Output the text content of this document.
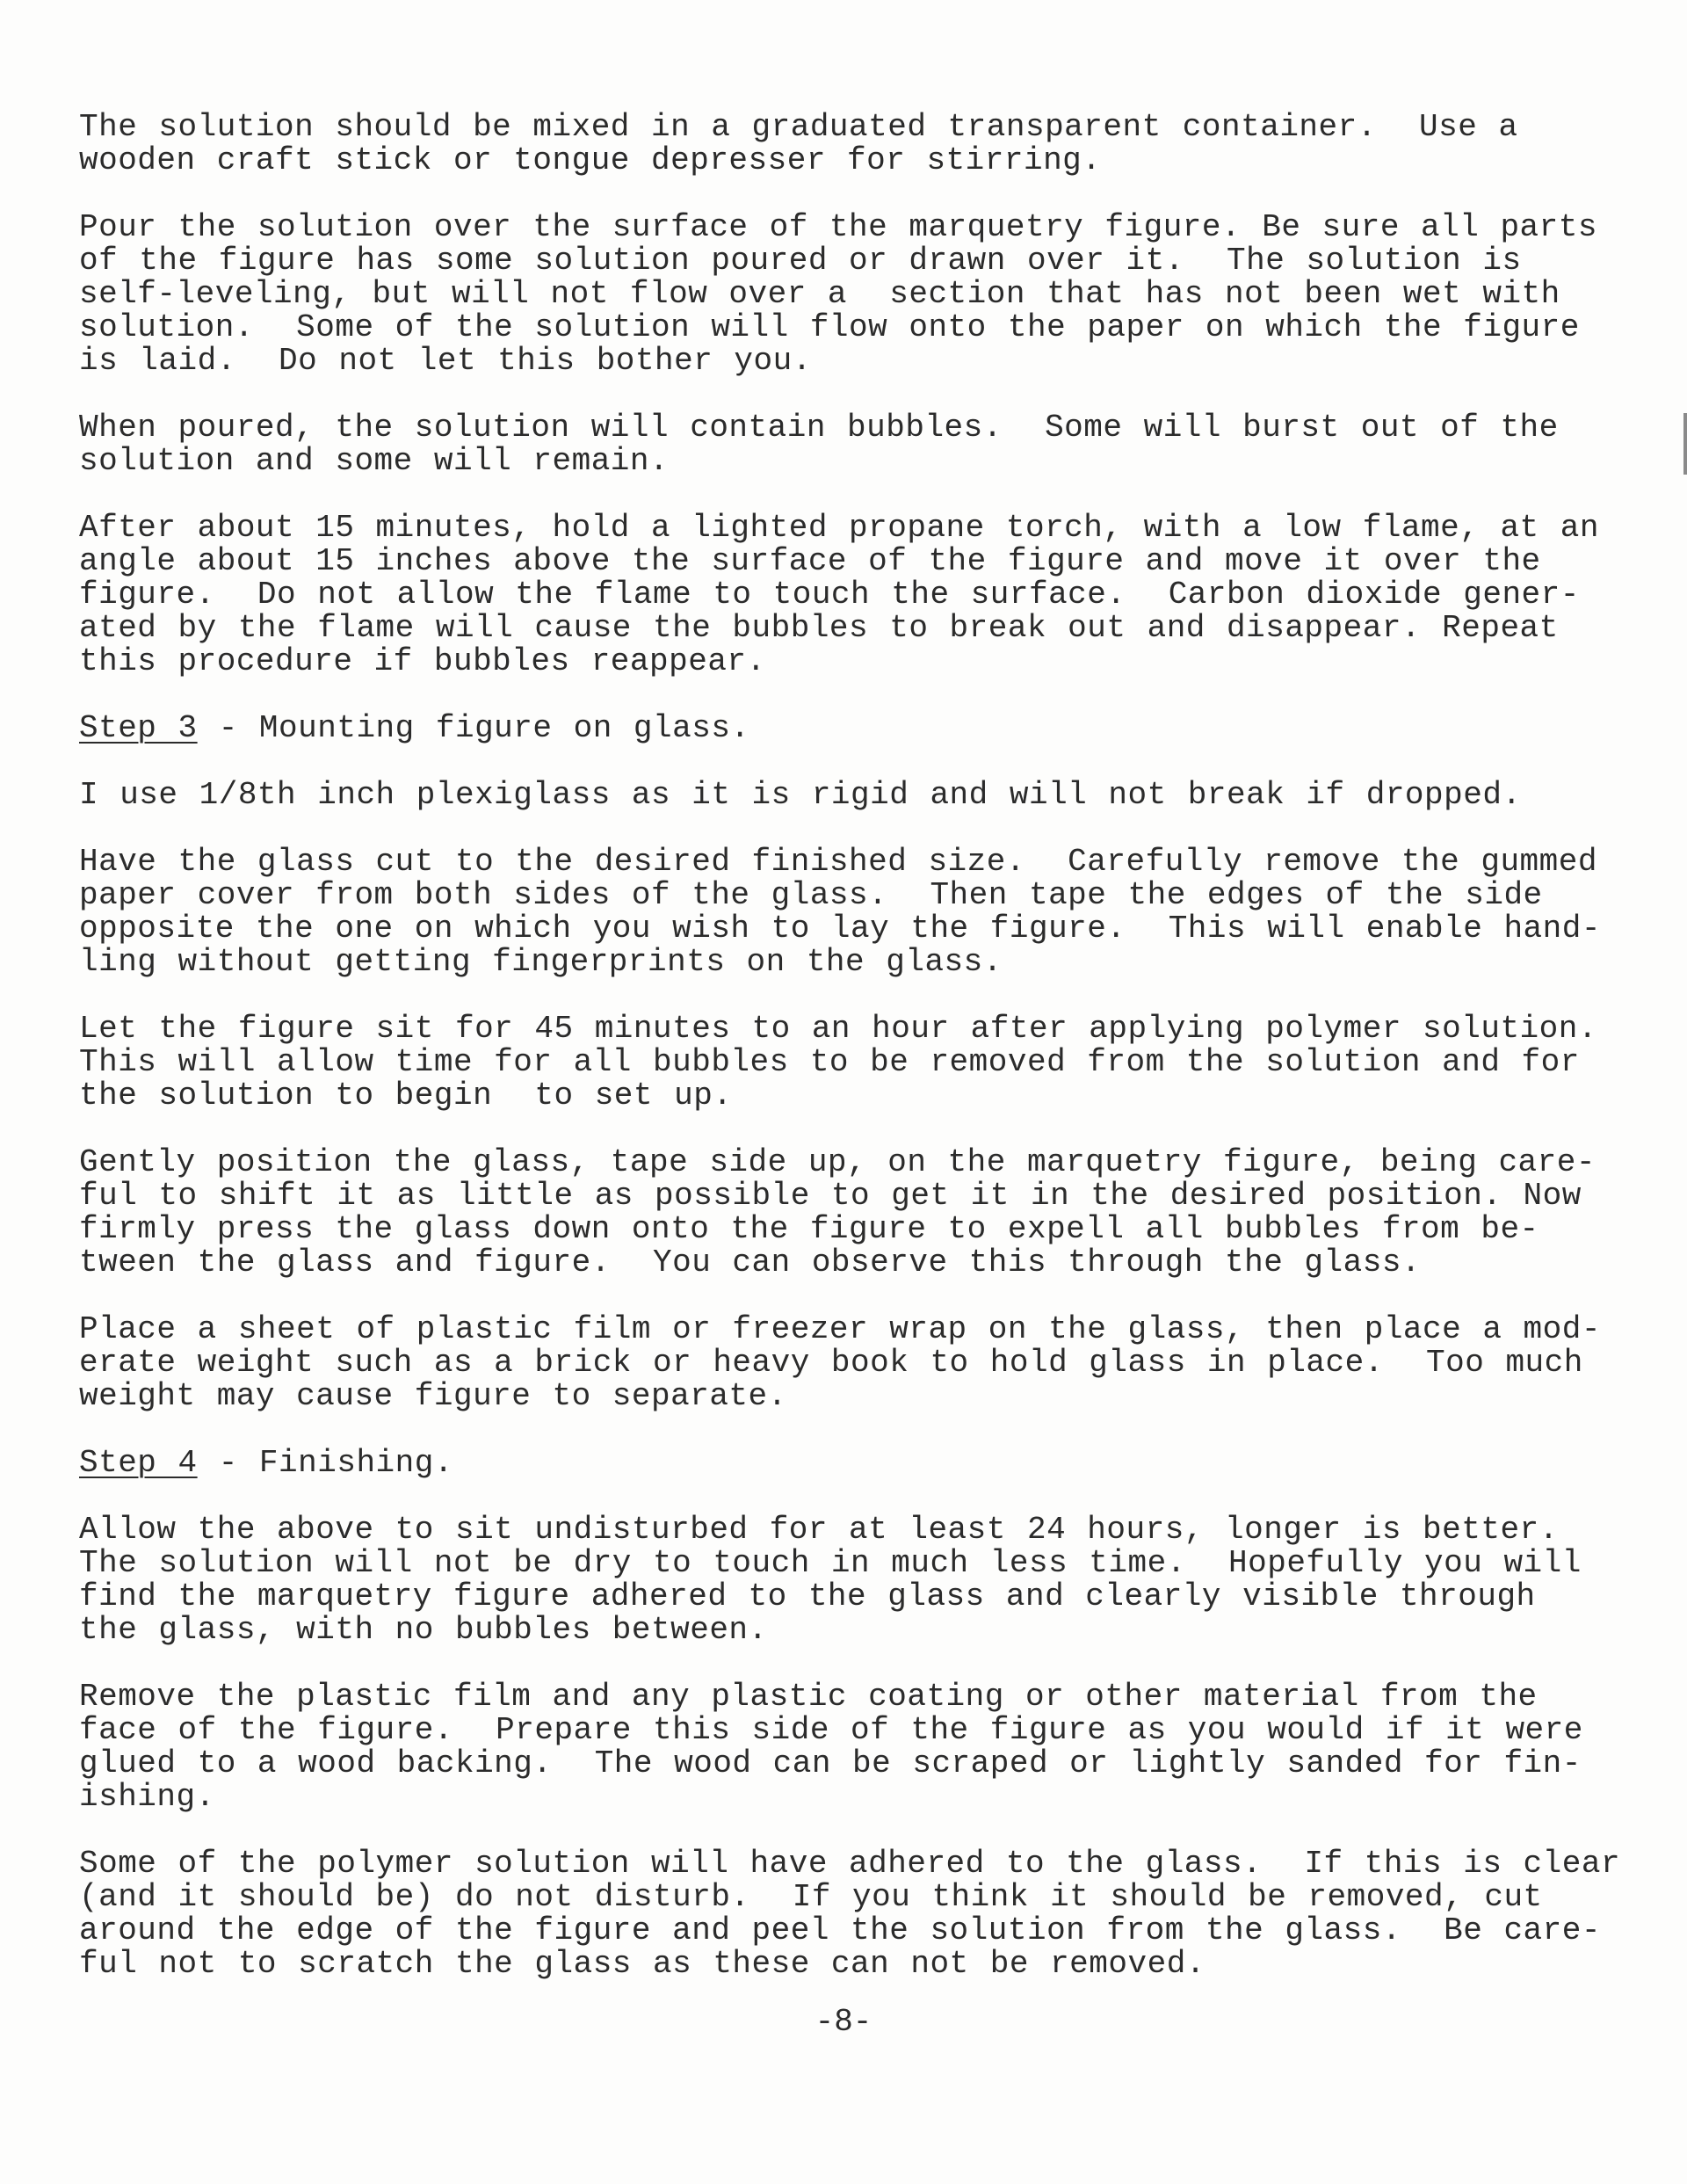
The solution should be mixed in a graduated transparent container.  Use a
wooden craft stick or tongue depresser for stirring.
Pour the solution over the surface of the marquetry figure. Be sure all parts
of the figure has some solution poured or drawn over it.  The solution is
self-leveling, but will not flow over a  section that has not been wet with
solution.  Some of the solution will flow onto the paper on which the figure
is laid.  Do not let this bother you.
When poured, the solution will contain bubbles.  Some will burst out of the
solution and some will remain.
After about 15 minutes, hold a lighted propane torch, with a low flame, at an
angle about 15 inches above the surface of the figure and move it over the
figure.  Do not allow the flame to touch the surface.  Carbon dioxide gener-
ated by the flame will cause the bubbles to break out and disappear. Repeat
this procedure if bubbles reappear.
Step 3 - Mounting figure on glass.
I use 1/8th inch plexiglass as it is rigid and will not break if dropped.
Have the glass cut to the desired finished size.  Carefully remove the gummed
paper cover from both sides of the glass.  Then tape the edges of the side
opposite the one on which you wish to lay the figure.  This will enable hand-
ling without getting fingerprints on the glass.
Let the figure sit for 45 minutes to an hour after applying polymer solution.
This will allow time for all bubbles to be removed from the solution and for
the solution to begin  to set up.
Gently position the glass, tape side up, on the marquetry figure, being care-
ful to shift it as little as possible to get it in the desired position. Now
firmly press the glass down onto the figure to expell all bubbles from be-
tween the glass and figure.  You can observe this through the glass.
Place a sheet of plastic film or freezer wrap on the glass, then place a mod-
erate weight such as a brick or heavy book to hold glass in place.  Too much
weight may cause figure to separate.
Step 4 - Finishing.
Allow the above to sit undisturbed for at least 24 hours, longer is better.
The solution will not be dry to touch in much less time.  Hopefully you will
find the marquetry figure adhered to the glass and clearly visible through
the glass, with no bubbles between.
Remove the plastic film and any plastic coating or other material from the
face of the figure.  Prepare this side of the figure as you would if it were
glued to a wood backing.  The wood can be scraped or lightly sanded for fin-
ishing.
Some of the polymer solution will have adhered to the glass.  If this is clear
(and it should be) do not disturb.  If you think it should be removed, cut
around the edge of the figure and peel the solution from the glass.  Be care-
ful not to scratch the glass as these can not be removed.
-8-
